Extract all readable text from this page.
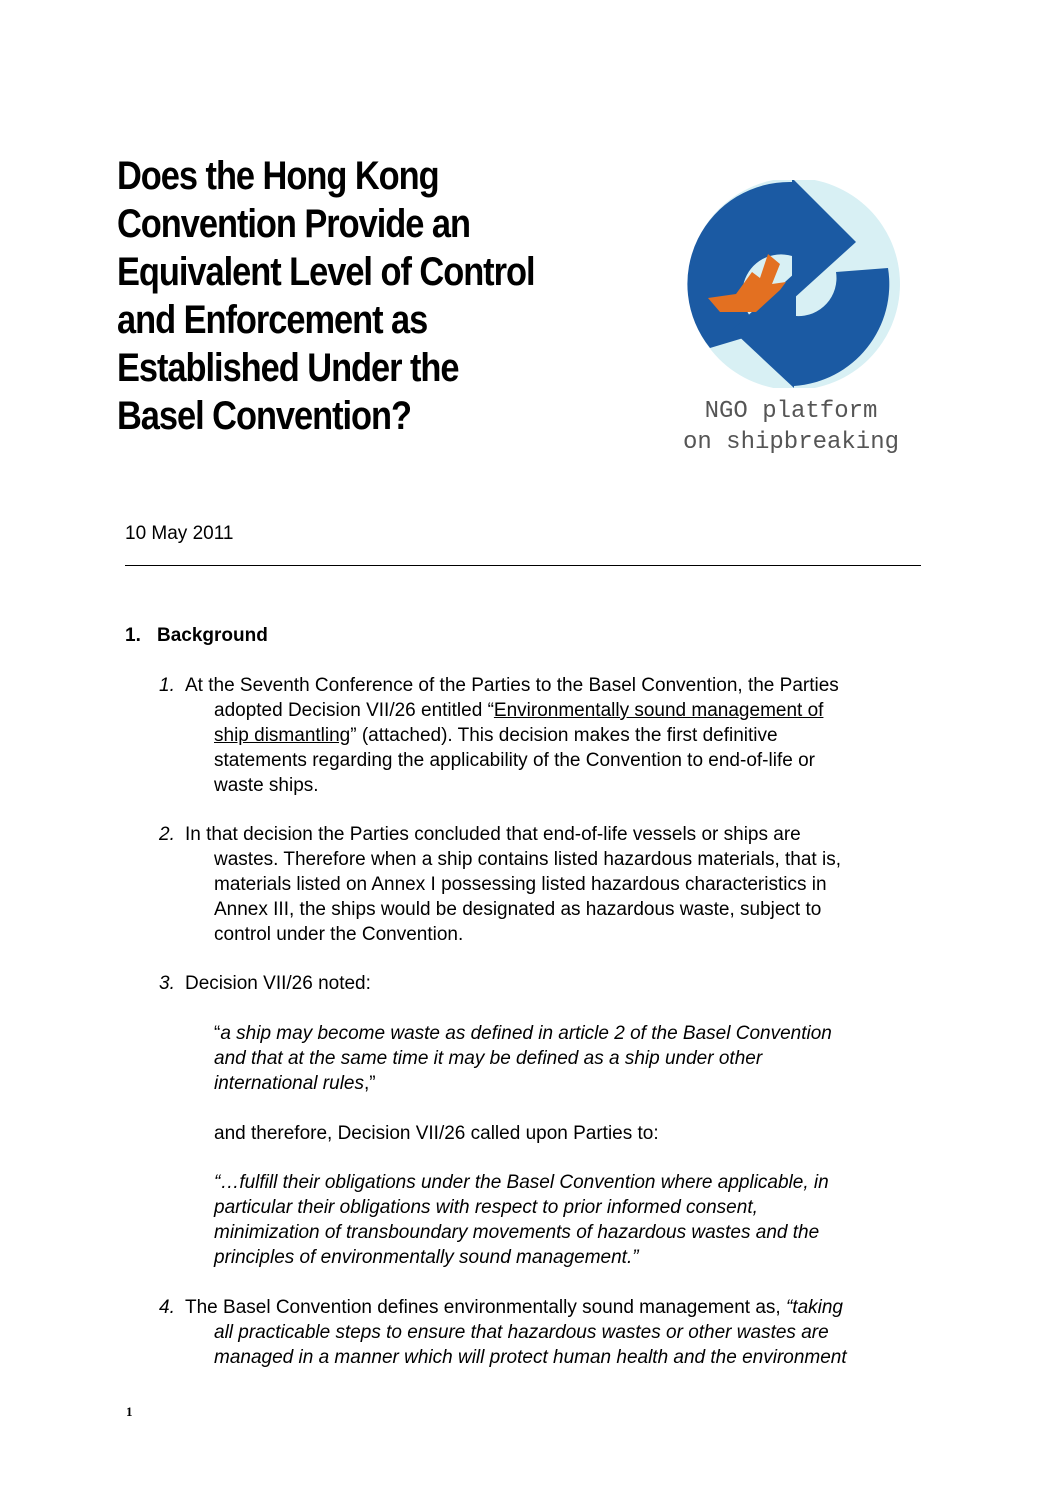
Does the Hong Kong
Convention Provide an
Equivalent Level of Control
and Enforcement as
Established Under the
Basel Convention?	NGO platform
on shipbreaking
10 May 2011
1. Background
1. At the Seventh Conference of the Parties to the Basel Convention, the Parties
adopted Decision VII/26 entitled “Environmentally sound management of
ship dismantling” (attached). This decision makes the first definitive
statements regarding the applicability of the Convention to end-of-life or
waste ships.
2. In that decision the Parties concluded that end-of-life vessels or ships are
wastes. Therefore when a ship contains listed hazardous materials, that is,
materials listed on Annex I possessing listed hazardous characteristics in
Annex III, the ships would be designated as hazardous waste, subject to
control under the Convention.
3. Decision VII/26 noted:
“a ship may become waste as defined in article 2 of the Basel Convention
and that at the same time it may be defined as a ship under other
international rules,”
and therefore, Decision VII/26 called upon Parties to:
“…fulfill their obligations under the Basel Convention where applicable, in
particular their obligations with respect to prior informed consent,
minimization of transboundary movements of hazardous wastes and the
principles of environmentally sound management.”
4. The Basel Convention defines environmentally sound management as, “taking
all practicable steps to ensure that hazardous wastes or other wastes are
managed in a manner which will protect human health and the environment
1
